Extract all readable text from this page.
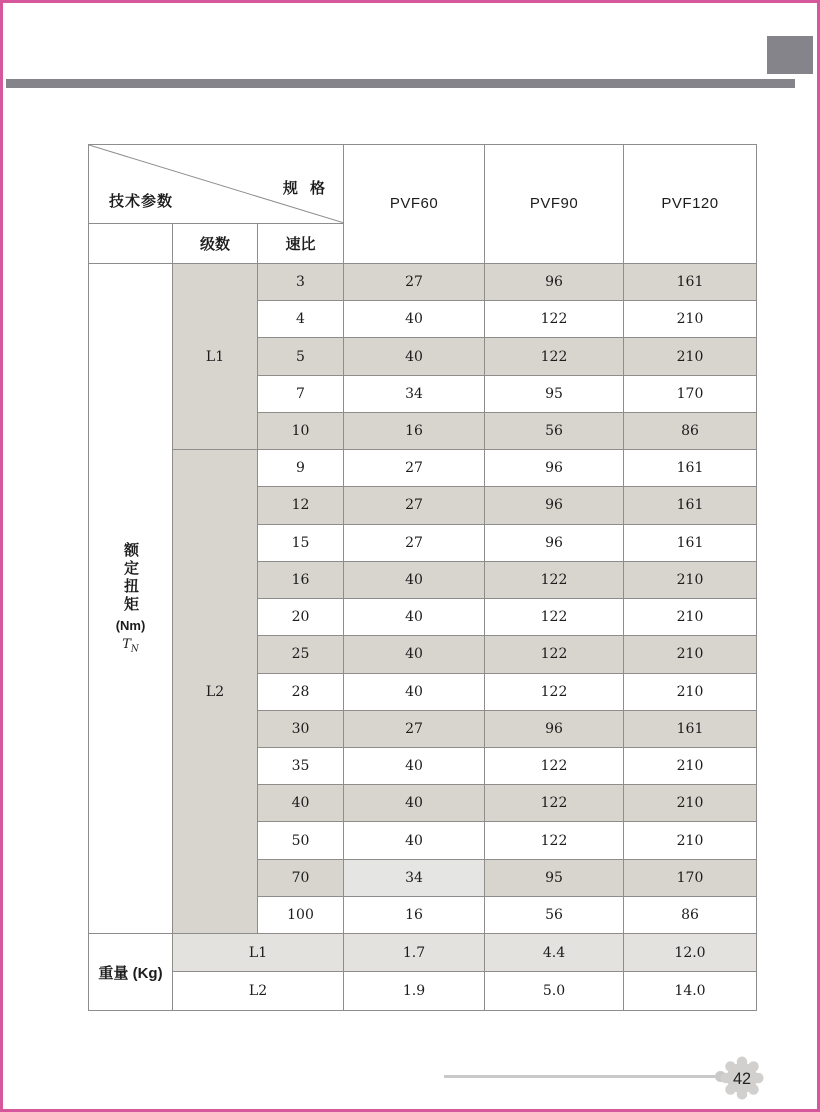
规 格
技术参数			PVF60	PVF90	PVF120
	级数	速比			

额定扭矩
(Nm)
$T_N$	L1	3	27	96	161
		4	40	122	210
		5	40	122	210
		7	34	95	170
		10	16	56	86
	L2	9	27	96	161
		12	27	96	161
		15	27	96	161
		16	40	122	210
		20	40	122	210
		25	40	122	210
		28	40	122	210
		30	27	96	161
		35	40	122	210
		40	40	122	210
		50	40	122	210
		70	34	95	170
		100	16	56	86
重量 (Kg)	L1		1.7	4.4	12.0
	L2		1.9	5.0	14.0
42
